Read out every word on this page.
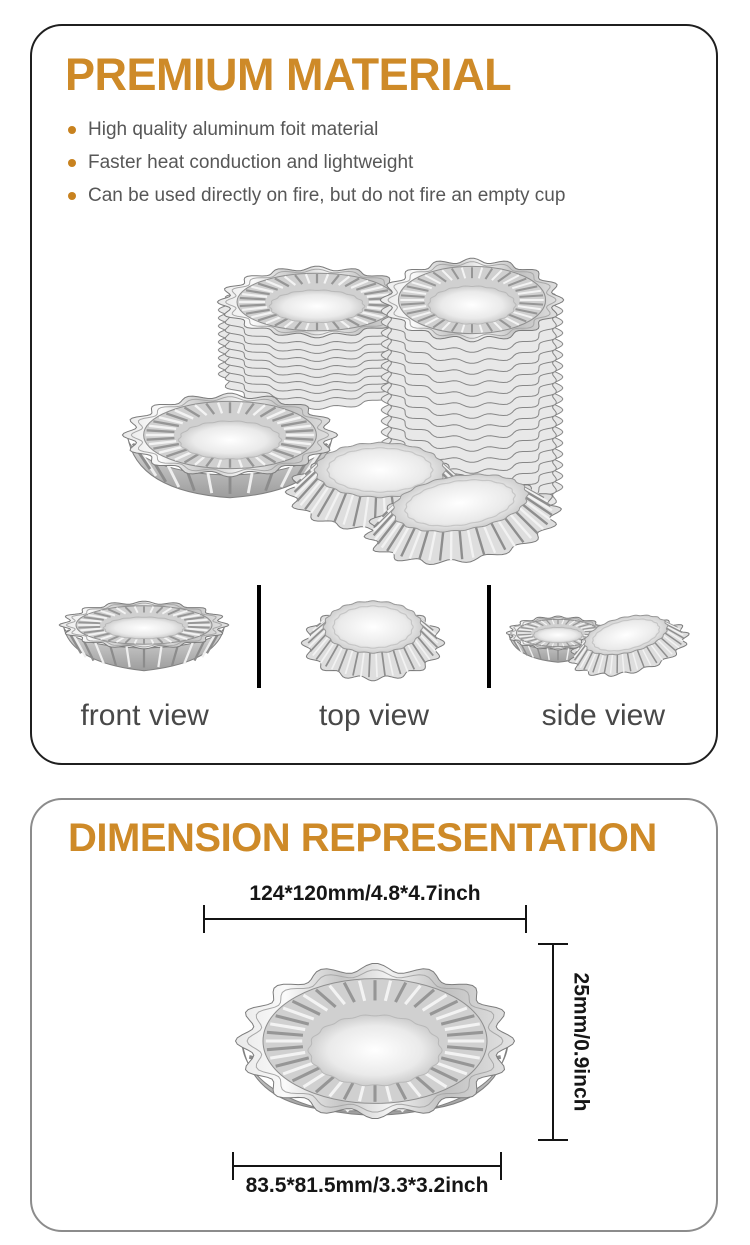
PREMIUM MATERIAL
High quality aluminum foit material
Faster heat conduction and lightweight
Can be used directly on fire, but do not fire an empty cup
front view	top view	side view
DIMENSION REPRESENTATION
124*120mm/4.8*4.7inch
25mm/0.9inch
83.5*81.5mm/3.3*3.2inch
